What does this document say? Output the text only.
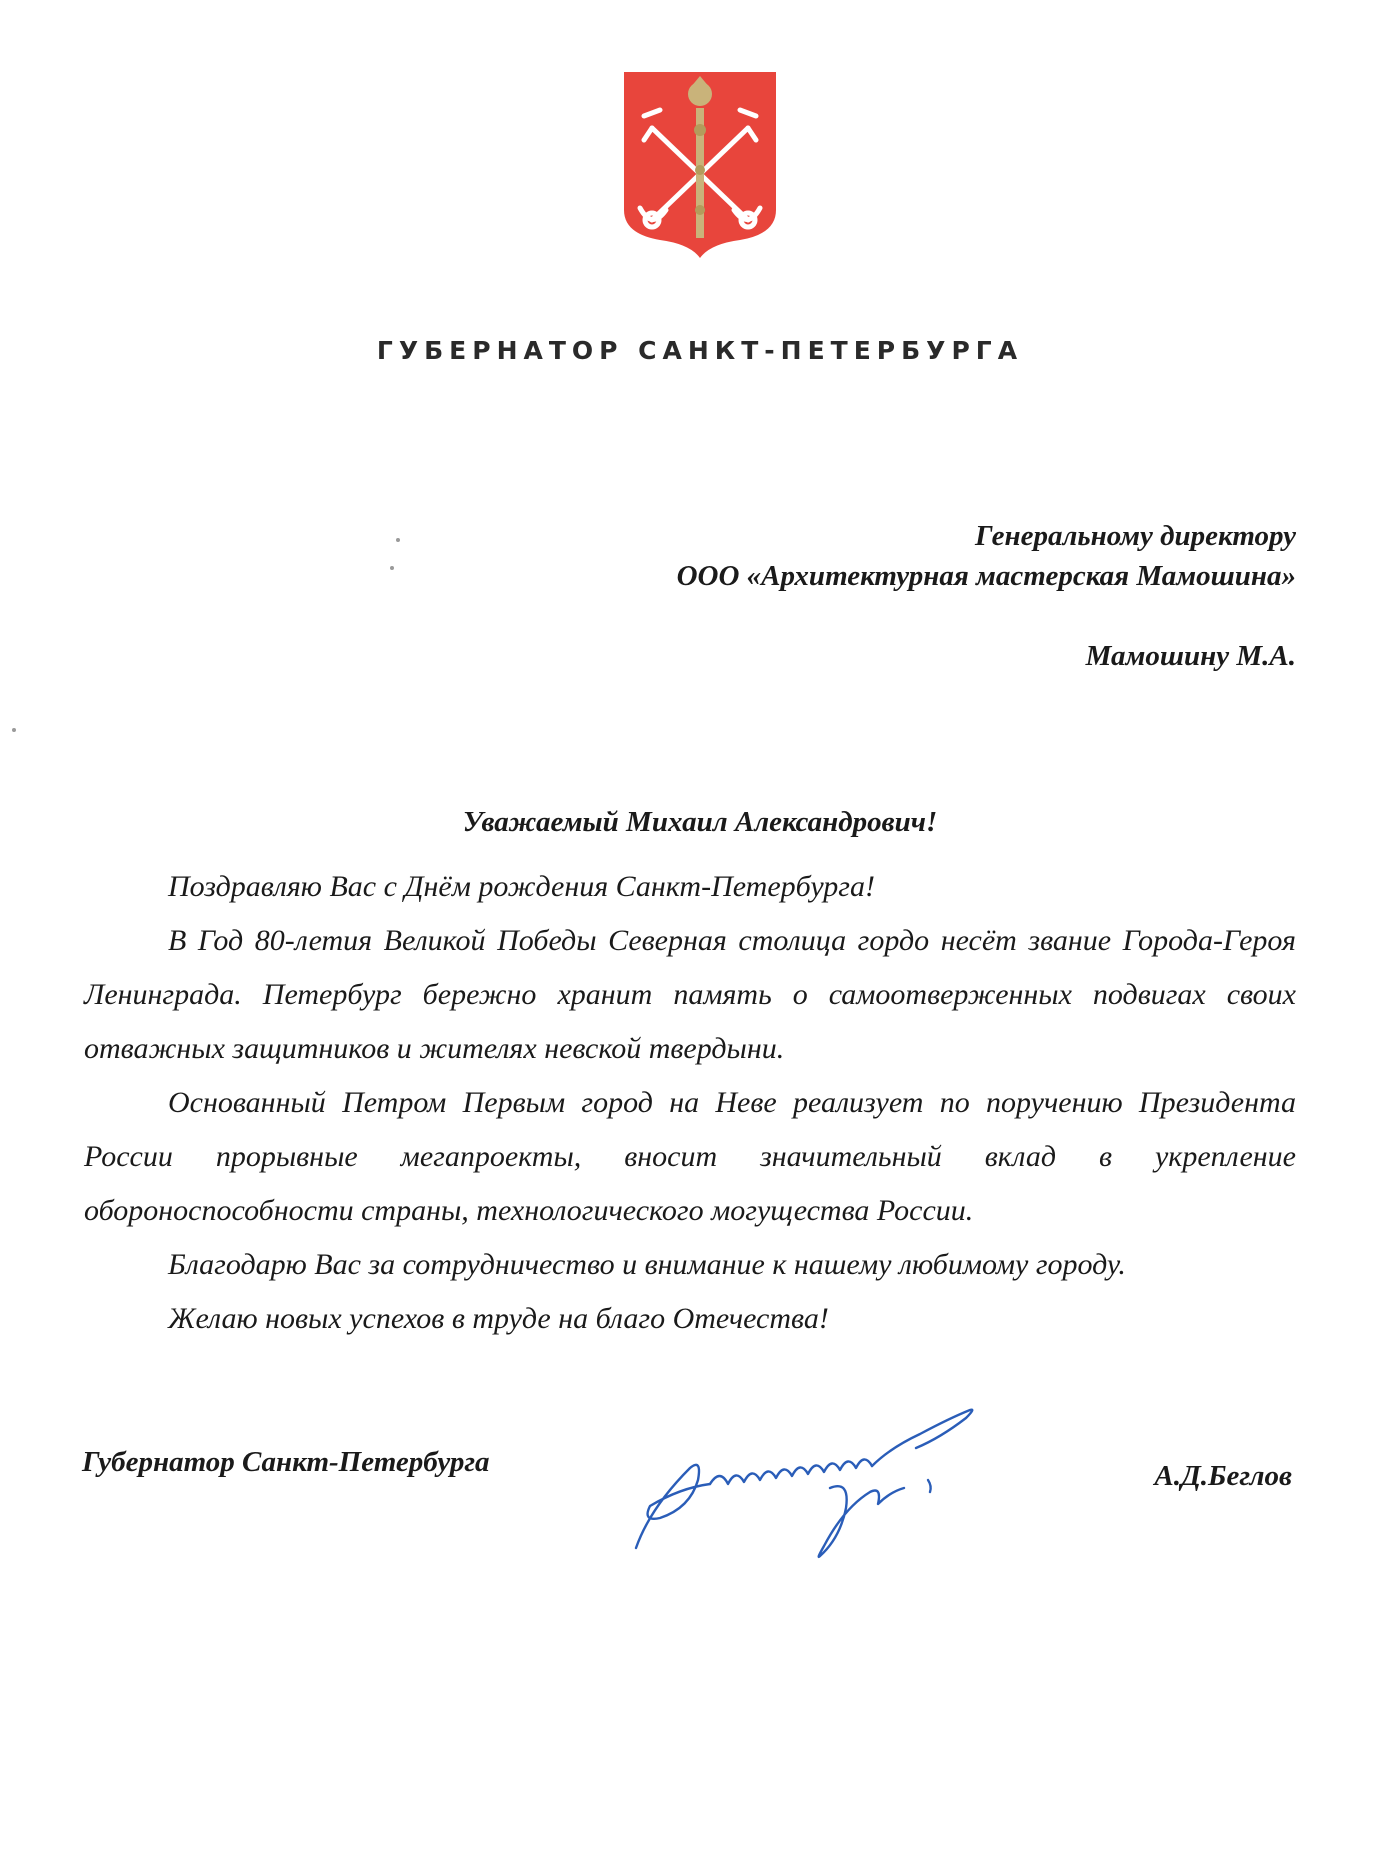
ГУБЕРНАТОР САНКТ-ПЕТЕРБУРГА
Генеральному директору
ООО «Архитектурная мастерская Мамошина»
Мамошину М.А.
Уважаемый Михаил Александрович!

Поздравляю Вас с Днём рождения Санкт-Петербурга!

В Год 80-летия Великой Победы Северная столица гордо несёт звание Города-Героя Ленинграда. Петербург бережно хранит память о самоотверженных подвигах своих отважных защитников и жителях невской твердыни.

Основанный Петром Первым город на Неве реализует по поручению Президента России прорывные мегапроекты, вносит значительный вклад в укрепление обороноспособности страны, технологического могущества России.

Благодарю Вас за сотрудничество и внимание к нашему любимому городу.

Желаю новых успехов в труде на благо Отечества!

Губернатор Санкт-Петербурга	А.Д.Беглов
